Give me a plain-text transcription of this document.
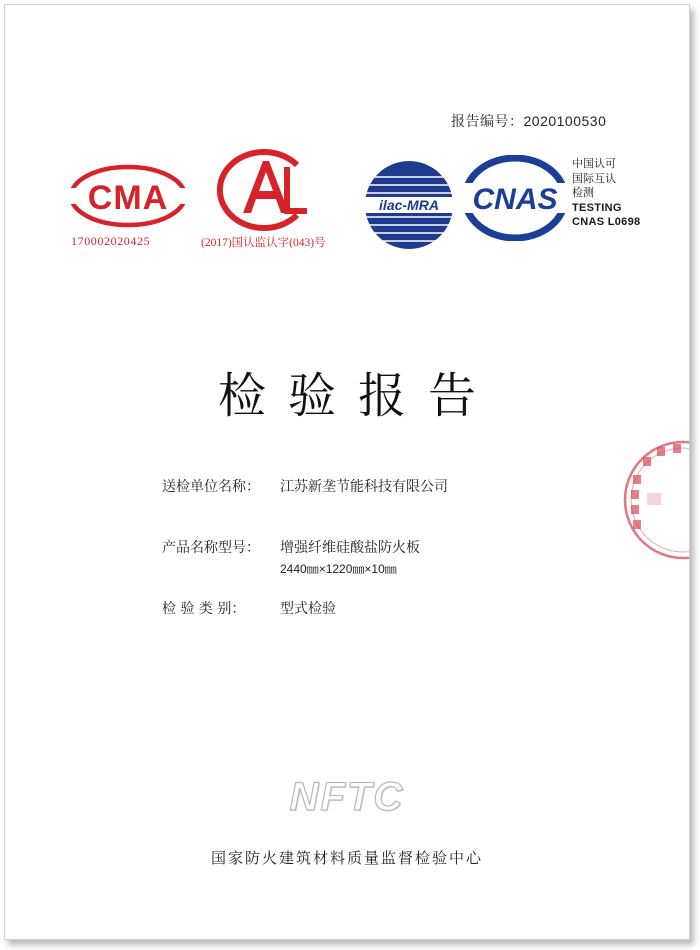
报告编号：2020100530
CMA
170002020425	(2017)国认监认字(043)号
ilac-MRA CNAS
中国认可
国际互认
检测
TESTING
CNAS L0698
检验报告
送检单位名称： 江苏新垄节能科技有限公司
产品名称型号： 增强纤维硅酸盐防火板
2440㎜×1220㎜×10㎜
检 验 类 别： 型式检验
NFTC
国家防火建筑材料质量监督检验中心
